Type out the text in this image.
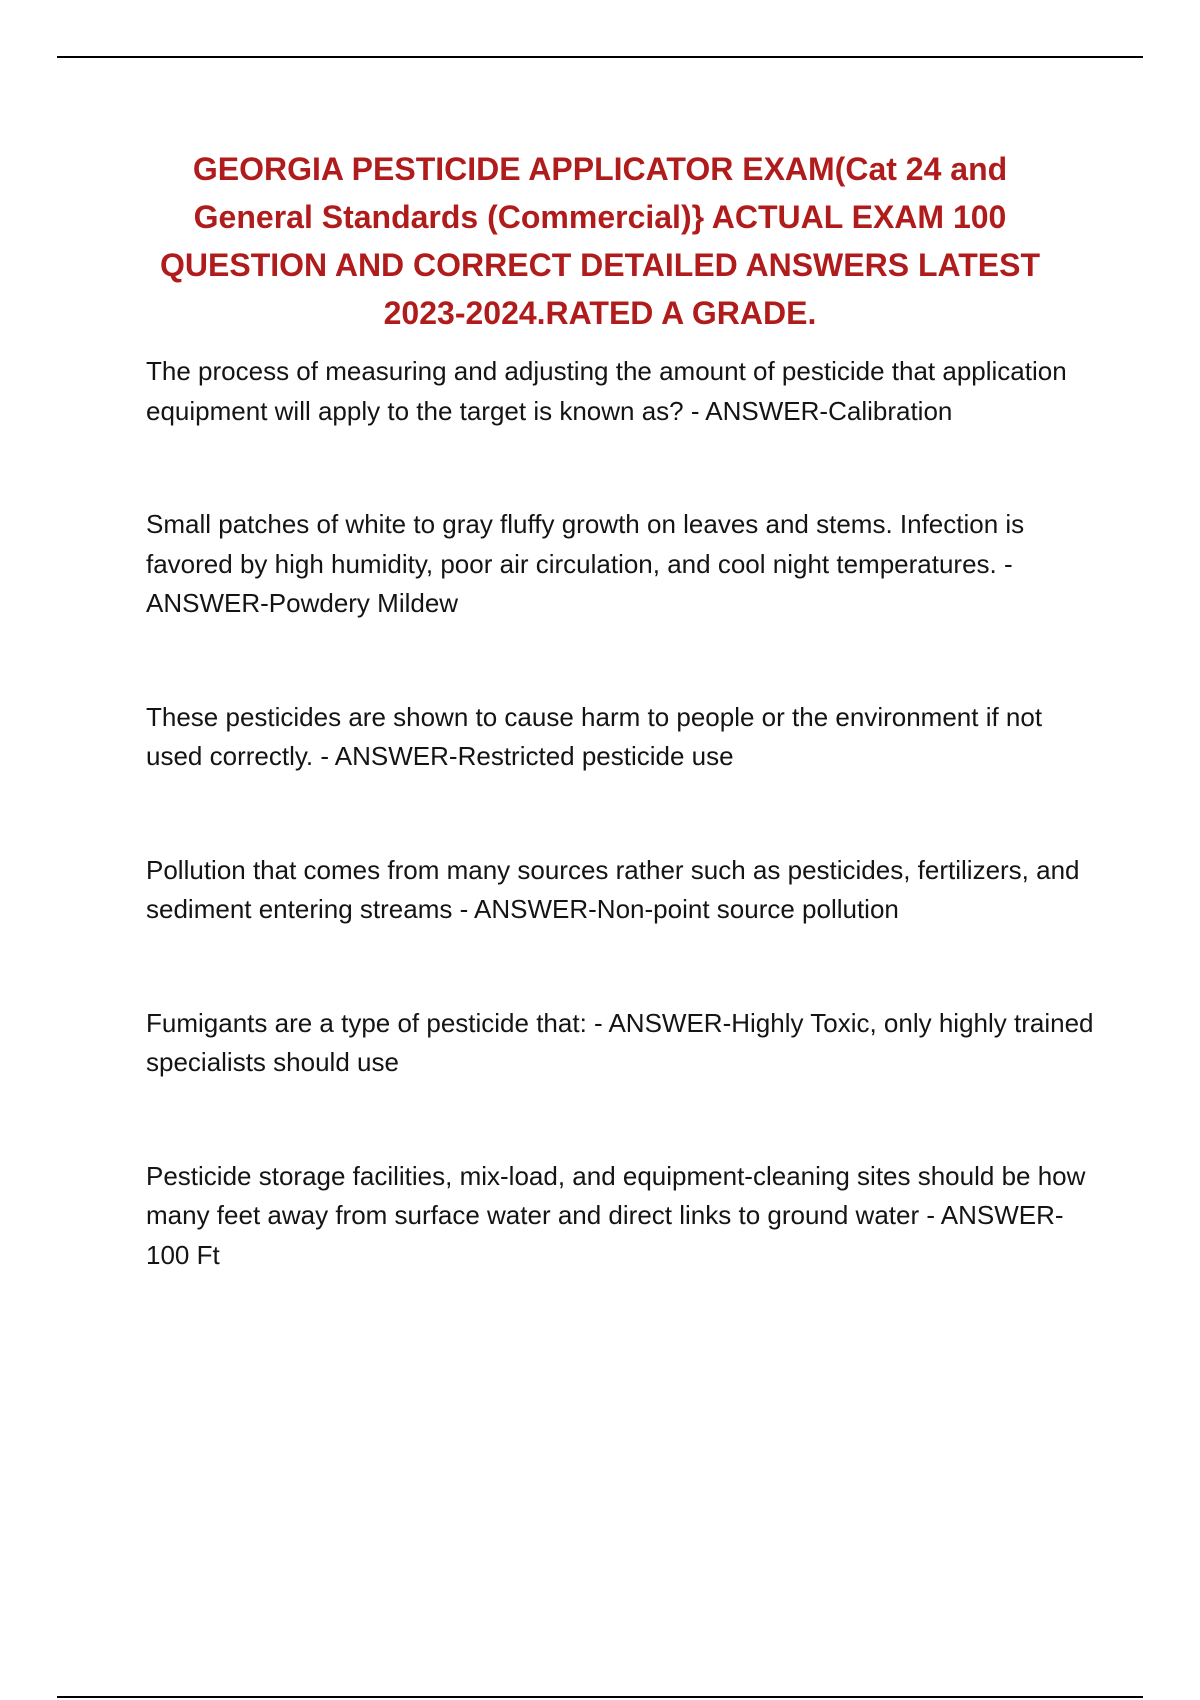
GEORGIA PESTICIDE APPLICATOR EXAM(Cat 24 and General Standards (Commercial)} ACTUAL EXAM 100 QUESTION AND CORRECT DETAILED ANSWERS LATEST 2023-2024.RATED A GRADE.
The process of measuring and adjusting the amount of pesticide that application equipment will apply to the target is known as? - ANSWER-Calibration
Small patches of white to gray fluffy growth on leaves and stems. Infection is favored by high humidity, poor air circulation, and cool night temperatures. - ANSWER-Powdery Mildew
These pesticides are shown to cause harm to people or the environment if not used correctly. - ANSWER-Restricted pesticide use
Pollution that comes from many sources rather such as pesticides, fertilizers, and sediment entering streams - ANSWER-Non-point source pollution
Fumigants are a type of pesticide that: - ANSWER-Highly Toxic, only highly trained specialists should use
Pesticide storage facilities, mix-load, and equipment-cleaning sites should be how many feet away from surface water and direct links to ground water - ANSWER-100 Ft
